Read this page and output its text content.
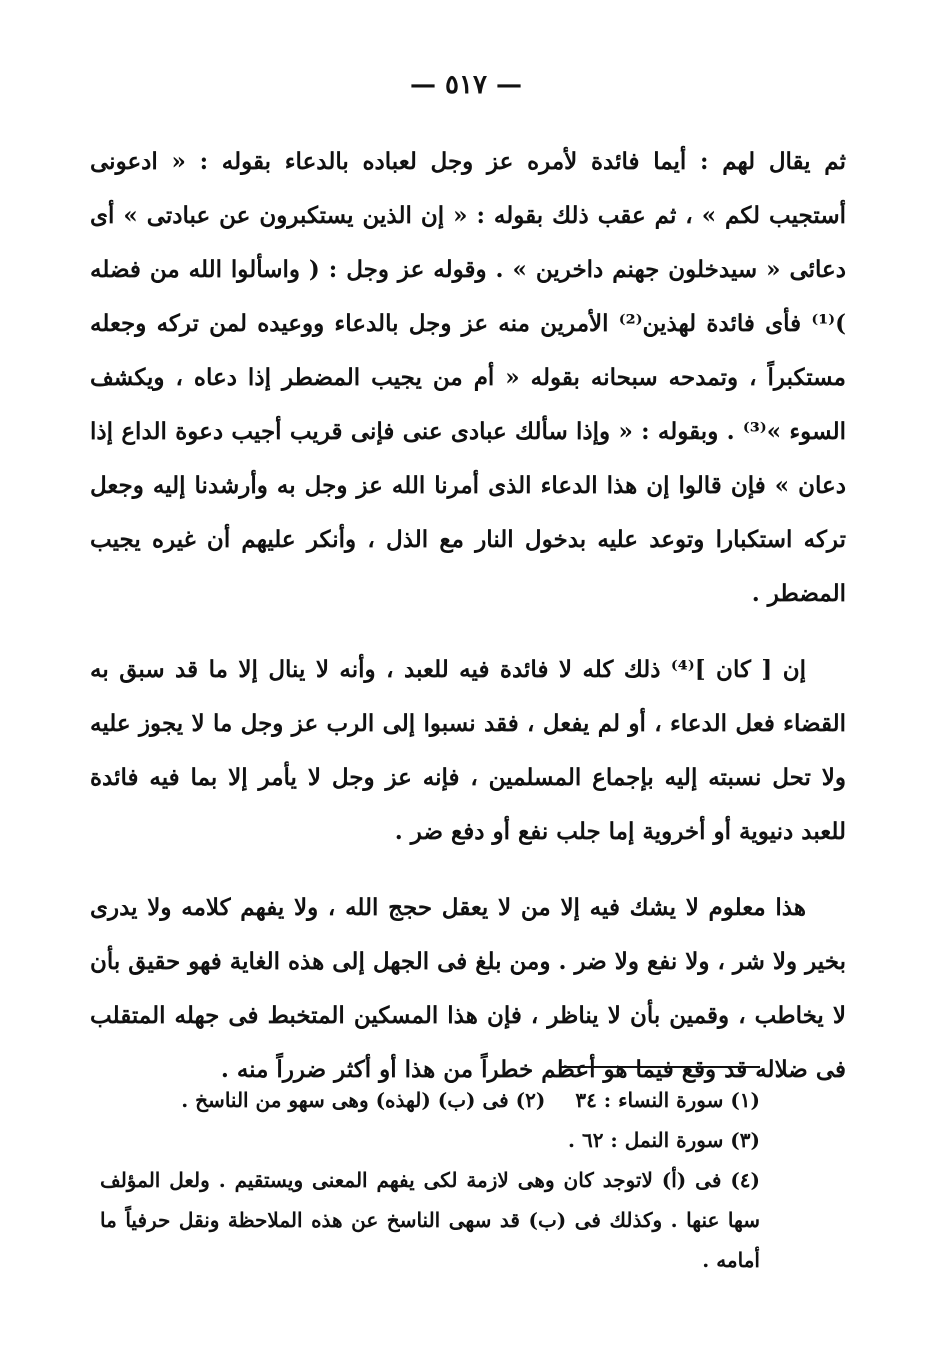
— ٥١٧ —

ثم يقال لهم : أيما فائدة لأمره عز وجل لعباده بالدعاء بقوله : « ادعونى أستجيب لكم » ، ثم عقب ذلك بقوله : « إن الذين يستكبرون عن عبادتى » أى دعائى « سيدخلون جهنم داخرين » . وقوله عز وجل : ( واسألوا الله من فضله )⁽¹⁾ فأى فائدة لهذين⁽²⁾ الأمرين منه عز وجل بالدعاء ووعيده لمن تركه وجعله مستكبراً ، وتمدحه سبحانه بقوله « أم من يجيب المضطر إذا دعاه ، ويكشف السوء »⁽³⁾ . وبقوله : « وإذا سألك عبادى عنى فإنى قريب أجيب دعوة الداع إذا دعان » فإن قالوا إن هذا الدعاء الذى أمرنا الله عز وجل به وأرشدنا إليه وجعل تركه استكبارا وتوعد عليه بدخول النار مع الذل ، وأنكر عليهم أن غيره يجيب المضطر .

إن [ كان ]⁽⁴⁾ ذلك كله لا فائدة فيه للعبد ، وأنه لا ينال إلا ما قد سبق به القضاء فعل الدعاء ، أو لم يفعل ، فقد نسبوا إلى الرب عز وجل ما لا يجوز عليه ولا تحل نسبته إليه بإجماع المسلمين ، فإنه عز وجل لا يأمر إلا بما فيه فائدة للعبد دنيوية أو أخروية إما جلب نفع أو دفع ضر .

هذا معلوم لا يشك فيه إلا من لا يعقل حجج الله ، ولا يفهم كلامه ولا يدرى بخير ولا شر ، ولا نفع ولا ضر . ومن بلغ فى الجهل إلى هذه الغاية فهو حقيق بأن لا يخاطب ، وقمين بأن لا يناظر ، فإن هذا المسكين المتخبط فى جهله المتقلب فى ضلاله قد وقع فيما هو أعظم خطراً من هذا أو أكثر ضرراً منه .

(١) سورة النساء : ٣٤(٢) فى (ب) (لهذه) وهى سهو من الناسخ .
(٣) سورة النمل : ٦٢ .
(٤) فى (أ) لاتوجد كان وهى لازمة لكى يفهم المعنى ويستقيم . ولعل المؤلف سها عنها . وكذلك فى (ب) قد سهى الناسخ عن هذه الملاحظة ونقل حرفياً ما أمامه .
